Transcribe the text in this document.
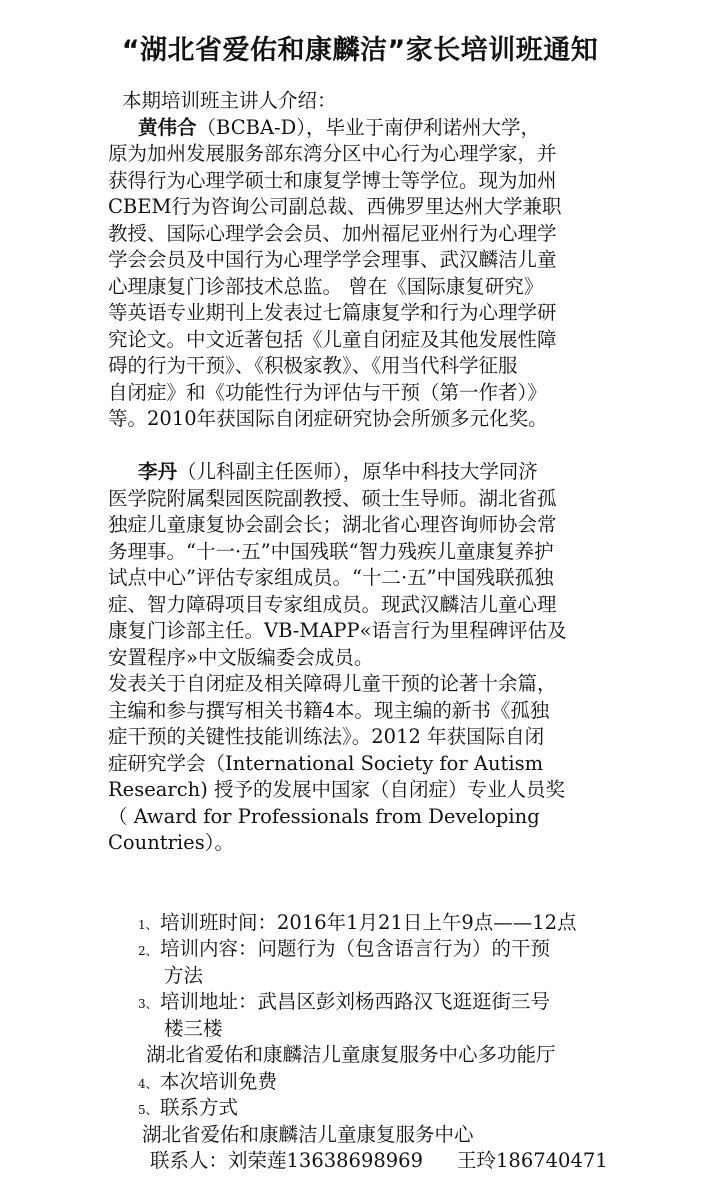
“湖北省爱佑和康麟洁”家长培训班通知
本期培训班主讲人介绍：
黄伟合（BCBA-D），毕业于南伊利诺州大学，
原为加州发展服务部东湾分区中心行为心理学家，并
获得行为心理学硕士和康复学博士等学位。现为加州
CBEM行为咨询公司副总裁、西佛罗里达州大学兼职
教授、国际心理学会会员、加州福尼亚州行为心理学
学会会员及中国行为心理学学会理事、武汉麟洁儿童
心理康复门诊部技术总监。 曾在《国际康复研究》
等英语专业期刊上发表过七篇康复学和行为心理学研
究论文。中文近著包括《儿童自闭症及其他发展性障
碍的行为干预》、《积极家教》、《用当代科学征服
自闭症》和《功能性行为评估与干预（第一作者）》
等。2010年获国际自闭症研究协会所颁多元化奖。
李丹（儿科副主任医师），原华中科技大学同济
医学院附属梨园医院副教授、硕士生导师。湖北省孤
独症儿童康复协会副会长；湖北省心理咨询师协会常
务理事。“十一·五”中国残联“智力残疾儿童康复养护
试点中心”评估专家组成员。“十二·五”中国残联孤独
症、智力障碍项目专家组成员。现武汉麟洁儿童心理
康复门诊部主任。VB-MAPP«语言行为里程碑评估及
安置程序»中文版编委会成员。
发表关于自闭症及相关障碍儿童干预的论著十余篇，
主编和参与撰写相关书籍4本。现主编的新书《孤独
症干预的关键性技能训练法》。2012 年获国际自闭
症研究学会（International Society for Autism
Research) 授予的发展中国家（自闭症）专业人员奖
（ Award for Professionals from Developing
Countries）。
1、 培训班时间：2016年1月21日上午9点——12点
2、 培训内容：问题行为（包含语言行为）的干预
方法
3、 培训地址：武昌区彭刘杨西路汉飞逛逛街三号
楼三楼
湖北省爱佑和康麟洁儿童康复服务中心多功能厅
4、 本次培训免费
5、 联系方式
湖北省爱佑和康麟洁儿童康复服务中心
联系人：刘荣莲13638698969 王玲186740471
